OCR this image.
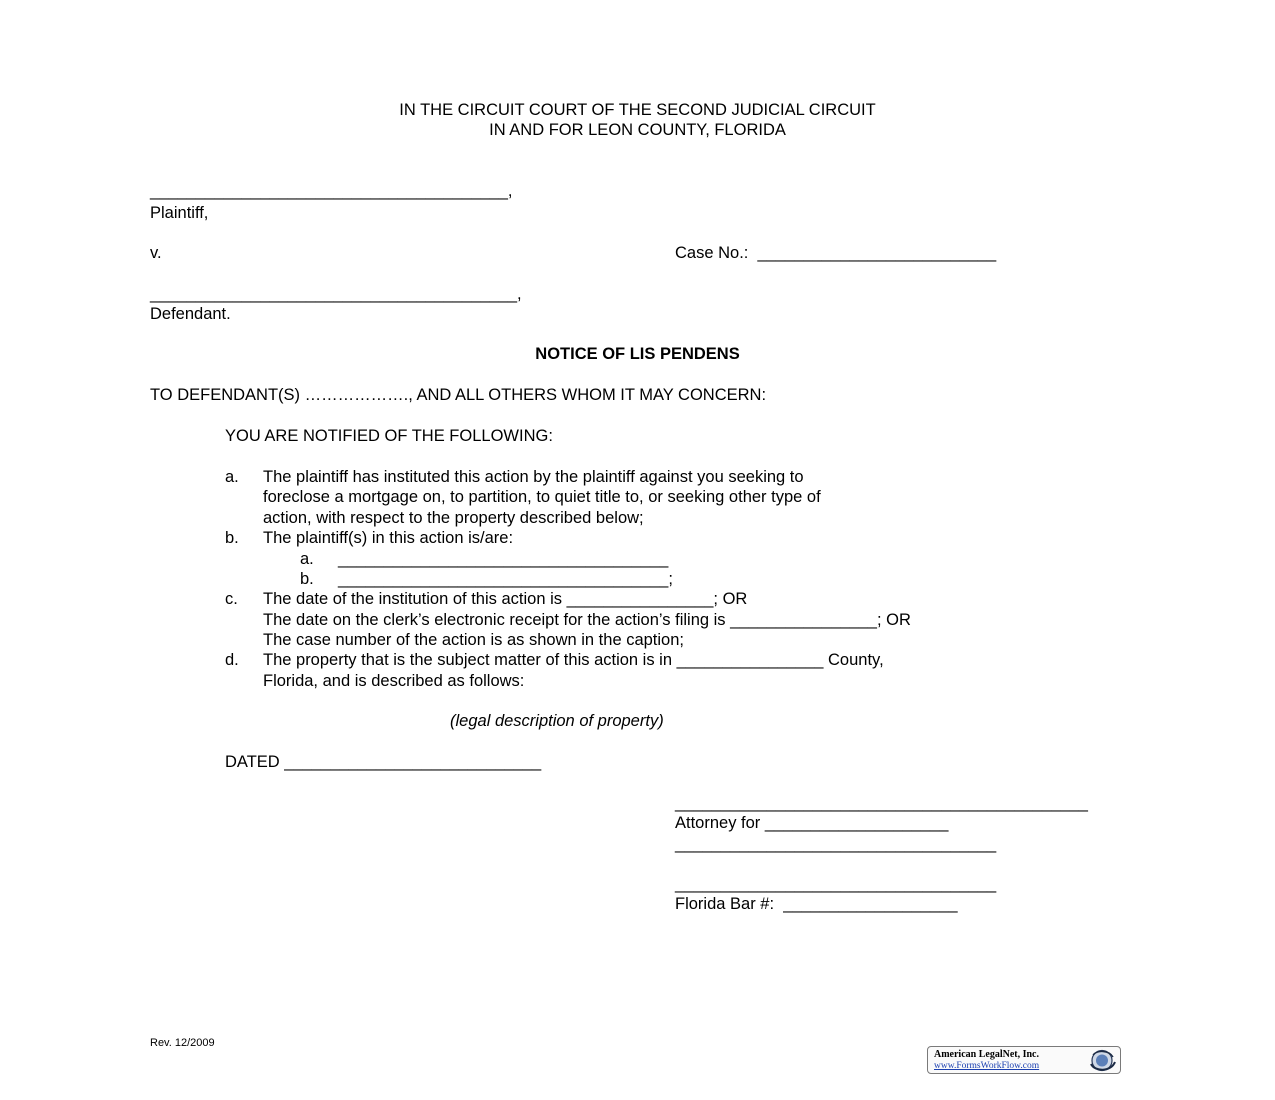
IN THE CIRCUIT COURT OF THE SECOND JUDICIAL CIRCUIT
IN AND FOR LEON COUNTY, FLORIDA
_______________________________________,
Plaintiff,
v.	Case No.:  __________________________
________________________________________,
Defendant.
NOTICE OF LIS PENDENS
TO DEFENDANT(S) ………………., AND ALL OTHERS WHOM IT MAY CONCERN:
YOU ARE NOTIFIED OF THE FOLLOWING:
a. The plaintiff has instituted this action by the plaintiff against you seeking to
foreclose a mortgage on, to partition, to quiet title to, or seeking other type of
action, with respect to the property described below;
b. The plaintiff(s) in this action is/are:
a. ____________________________________
b. ____________________________________;
c. The date of the institution of this action is ________________; OR
The date on the clerk’s electronic receipt for the action’s filing is ________________; OR
The case number of the action is as shown in the caption;
d. The property that is the subject matter of this action is in ________________ County,
Florida, and is described as follows:
(legal description of property)
DATED ____________________________
_____________________________________________
Attorney for ____________________
___________________________________
___________________________________
Florida Bar #:  ___________________
Rev. 12/2009
American LegalNet, Inc.
www.FormsWorkFlow.com
